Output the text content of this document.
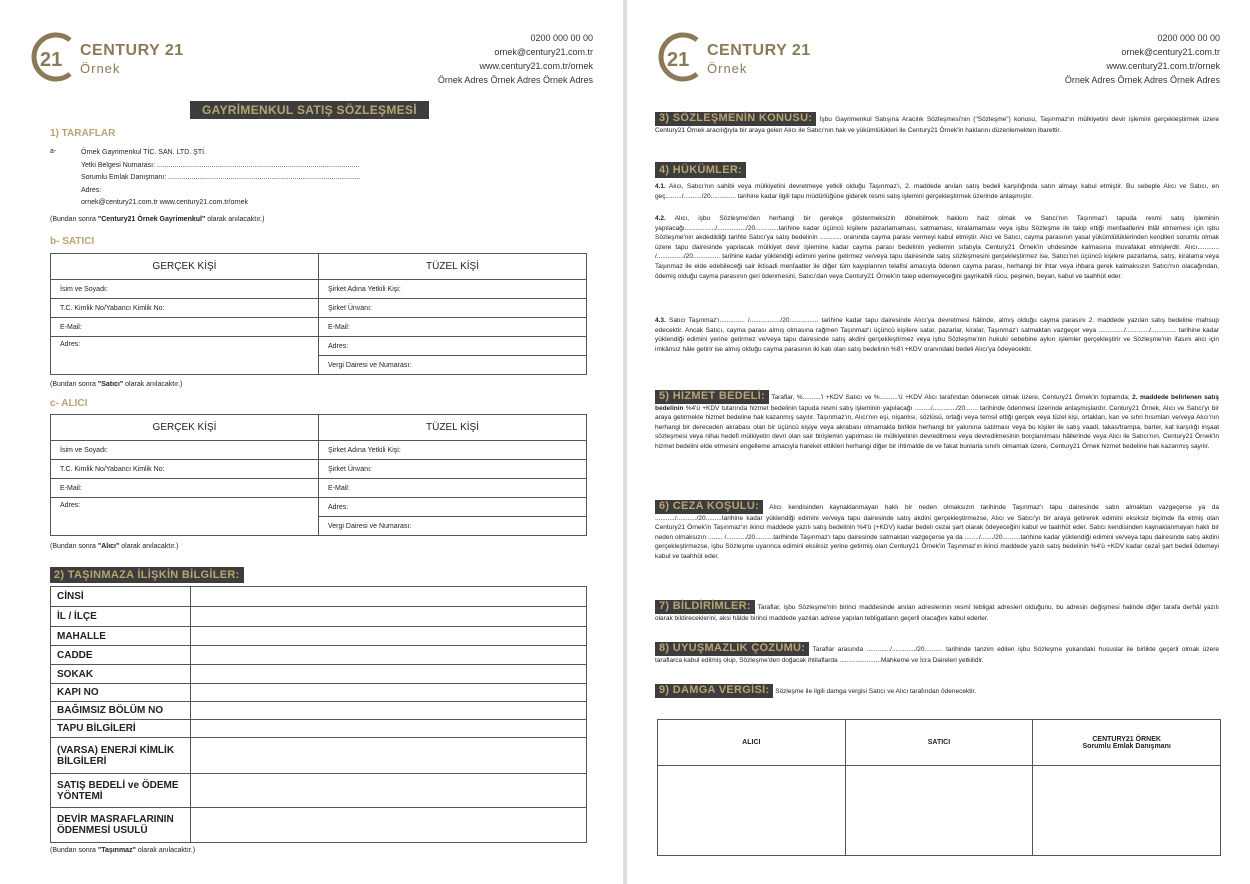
21 CENTURY 21
Örnek
0200 000 00 00
ornek@century21.com.tr
www.century21.com.tr/ornek
Örnek Adres Örnek Adres Örnek Adres
GAYRİMENKUL SATIŞ SÖZLEŞMESİ
1) TARAFLAR
a-	Örnek Gayrimenkul TİC. SAN. LTD. ŞTİ.
Yetki Belgesi Numarası: ........................................................................................................
Sorumlu Emlak Danışmanı: ...................................................................................................
Adres:
ornek@century21.com.tr www.century21.com.tr/ornek
(Bundan sonra "Century21 Örnek Gayrimenkul" olarak anılacaktır.)
b- SATICI
GERÇEK KİŞİ	TÜZEL KİŞİ
İsim ve Soyadı:	Şirket Adına Yetkili Kişi:
T.C. Kimlik No/Yabancı Kimlik No:	Şirket Ünvanı:
E-Mail:	E-Mail:
Adres:	Adres:
	Vergi Dairesi ve Numarası:
(Bundan sonra "Satıcı" olarak anılacaktır.)
c- ALICI
GERÇEK KİŞİ	TÜZEL KİŞİ
İsim ve Soyadı:	Şirket Adına Yetkili Kişi:
T.C. Kimlik No/Yabancı Kimlik No:	Şirket Ünvanı:
E-Mail:	E-Mail:
Adres:	Adres:
	Vergi Dairesi ve Numarası:
(Bundan sonra "Alıcı" olarak anılacaktır.)
2) TAŞINMAZA İLİŞKİN BİLGİLER:
CİNSİ	
İL / İLÇE	
MAHALLE	
CADDE	
SOKAK	
KAPI NO	
BAĞIMSIZ BÖLÜM NO	
TAPU BİLGİLERİ	
(VARSA) ENERJİ KİMLİK BİLGİLERİ	
SATIŞ BEDELİ ve ÖDEME YÖNTEMİ	
DEVİR MASRAFLARININ ÖDENMESİ USULÜ	
(Bundan sonra "Taşınmaz" olarak anılacaktır.)
21 CENTURY 21
Örnek
0200 000 00 00
ornek@century21.com.tr
www.century21.com.tr/ornek
Örnek Adres Örnek Adres Örnek Adres
3) SÖZLEŞMENİN KONUSU: İşbu Gayrimenkul Satışına Aracılık Sözleşmesi'nin ("Sözleşme") konusu, Taşınmaz'ın mülkiyetini devir işlemini gerçekleştirmek üzere Century21 Örnek aracılığıyla bir araya gelen Alıcı ile Satıcı'nın hak ve yükümlülükleri ile Century21 Örnek'in haklarını düzenlemekten ibarettir.
4) HÜKÜMLER:
4.1. Alıcı, Satıcı'nın sahibi veya mülkiyetini devretmeye yetkili olduğu Taşınmaz'ı, 2. maddede anılan satış bedeli karşılığında satın almayı kabul etmiştir. Bu sebeple Alıcı ve Satıcı, en geç........./........../20.............. tarihine kadar ilgili tapu müdürlüğüne giderek resmi satış işlemini gerçekleştirmek üzerinde anlaşmıştır.
4.2. Alıcı, işbu Sözleşme'den herhangi bir gerekçe göstermeksizin dönebilmek hakkını haiz olmak ve Satıcı'nın Taşınmaz'ı tapuda resmi satış işleminin yapılacağı................./................/20.............tarihine kadar üçüncü kişilere pazarlamaması, satmaması, kiralamaması veya işbu Sözleşme ile takip ettiği menfaatlerini ihlâl etmemesi için işbu Sözleşme'nin akdedildiği tarihte Satıcı'ya satış bedelinin ............ oranında cayma parası vermeyi kabul etmiştir. Alıcı ve Satıcı, cayma parasının yasal yükümlülüklerinden kendileri sorumlu olmak üzere tapu dairesinde yapılacak mülkiyet devir işlemine kadar cayma parası bedelinin yediemin sıfatıyla Century21 Örnek'in uhdesinde kalmasına muvafakat etmişlerdir. Alıcı............ /.............../20............... tarihine kadar yüklendiği edimini yerine getirmez ve/veya tapu dairesinde satış sözleşmesini gerçekleştirmez ise, Satıcı'nın üçüncü kişilere pazarlama, satış, kiralama veya Taşınmaz ile elde edebileceği sair iktisadi menfaatler ile diğer tüm kayıplarının telafisi amacıyla ödenen cayma parası, herhangi bir ihtar veya ihbara gerek kalmaksızın Satıcı'nın olacağından, ödemiş olduğu cayma parasının geri ödenmesini, Satıcı'dan veya Century21 Örnek'in talep edemeyeceğini gayrikabili rücu, peşinen, beyan, kabul ve taahhüt eder.
4.3. Satıcı Taşınmaz'ı.............. /................./20................ tarihine kadar tapu dairesinde Alıcı'ya devretmesi hâlinde, almış olduğu cayma parasını 2. maddede yazılan satış bedeline mahsup edecektir. Ancak Satıcı, cayma parası almış olmasına rağmen Taşınmaz'ı üçüncü kişilere satar, pazarlar, kiralar, Taşınmaz'ı satmaktan vazgeçer veya ............../............./.............. tarihine kadar yüklendiği edimini yerine getirmez ve/veya tapu dairesinde satış akdini gerçekleştirmez veya işbu Sözleşme'nin hukuki sebebine aykırı işlemler gerçekleştirir ve Sözleşme'nin ifasını alıcı için imkânsız hâle getirir ise almış olduğu cayma parasının iki katı olan satış bedelinin %8'i +KDV oranındaki bedeli Alıcı'ya ödeyecektir.
5) HİZMET BEDELİ: Taraflar, %..........'i +KDV Satıcı ve %..........'ü +KDV Alıcı tarafından ödenecek olmak üzere, Century21 Örnek'in toplamda; 2. maddede belirlenen satış bedelinin %4'ü +KDV tutarında hizmet bedelinin tapuda resmi satış işleminin yapılacağı ........./............./20....... tarihinde ödenmesi üzerinde anlaşmışlardır. Century21 Örnek, Alıcı ve Satıcı'yı bir araya getirmekle hizmet bedeline hak kazanmış sayılır. Taşınmaz'ın, Alıcı'nın eşi, nişanlısı, sözlüsü, ortağı veya temsil ettiği gerçek veya tüzel kişi, ortakları, kan ve sıhri hısımları ve/veya Alıcı'nın herhangi bir dereceden akrabası olan bir üçüncü kişiye veya akrabası olmamakla birlikte herhangi bir yakınına satılması veya bu kişiler ile satış vaadi, takas/trampa, barter, kat karşılığı inşaat sözleşmesi veya nihai hedefi mülkiyetin devri olan sair birişlemin yapılması ile mülkiyetinin devredilmesi veya devredilmesinin borçlanılması hâllerinde veya Alıcı ile Satıcı'nın, Century21 Örnek'in hizmet bedelini elde etmesini engelleme amacıyla hareket ettikleri herhangi diğer bir ihtimalde de ve fakat bunlarla sınırlı olmamak üzere, Century21 Örnek hizmet bedeline hak kazanmış sayılır.
6) CEZA KOŞULU: Alıcı kendisinden kaynaklanmayan haklı bir neden olmaksızın tarihinde Taşınmaz'ı tapu dairesinde satın almaktan vazgeçerse ya da .........../.........../20.........tarihine kadar yüklendiği edimini ve/veya tapu dairesinde satış akdini gerçekleştirmezse, Alıcı ve Satıcı'yı bir araya getirerek edimini eksiksiz biçimde ifa etmiş olan Century21 Örnek'in Taşınmaz'ın ikinci maddede yazılı satış bedelinin %4'ü (+KDV) kadar bedeli cezai şart olarak ödeyeceğini kabul ve taahhüt eder. Satıcı kendisinden kaynaklanmayan haklı bir neden olmaksızın ........ /.........../20..........tarihinde Taşınmaz'ı tapu dairesinde satmaktan vazgeçerse ya da ......../......./20..........tarihine kadar yüklendiği edimini ve/veya tapu dairesinde satış akdini gerçekleştirmezse, işbu Sözleşme uyarınca edimini eksiksiz yerine getirmiş olan Century21 Örnek'in Taşınmaz'ın ikinci maddede yazılı satış bedelinin %4'ü +KDV kadar cezaî şart bedeli ödemeyi kabul ve taahhüt eder.
7) BİLDİRİMLER: Taraflar, işbu Sözleşme'nin birinci maddesinde anılan adreslerinin resmî tebligat adresleri olduğunu, bu adresin değişmesi halinde diğer tarafa derhâl yazılı olarak bildireceklerini, aksi hâlde birinci maddede yazılan adrese yapılan tebligatların geçerli olacağını kabul ederler.
8) UYUŞMAZLIK ÇÖZÜMÜ: Taraflar arasında ............./............./20.......... tarihinde tanzim edilen işbu Sözleşme yukarıdaki hususlar ile birlikte geçerli olmak üzere taraflarca kabul edilmiş olup, Sözleşme'den doğacak ihtilaflarda .......................Mahkeme ve İcra Daireleri yetkilidir.
9) DAMGA VERGİSİ: Sözleşme ile ilgili damga vergisi Satıcı ve Alıcı tarafından ödenecektir.
ALICI	SATICI	CENTURY21 ÖRNEK
Sorumlu Emlak Danışmanı
